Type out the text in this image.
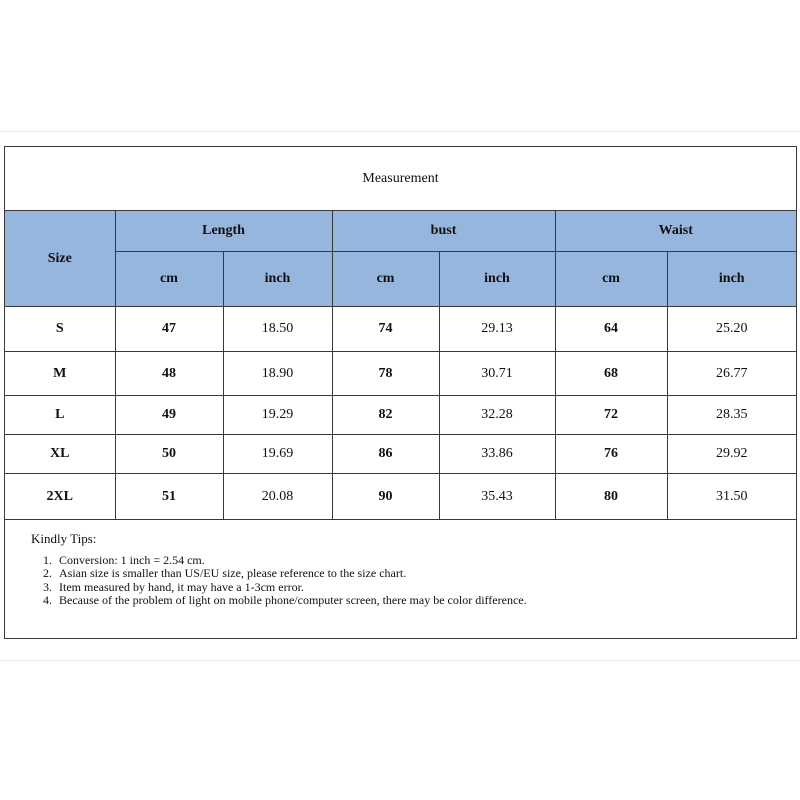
Measurement
Size	Length		bust		Waist	
	cm	inch	cm	inch	cm	inch
S	47	18.50	74	29.13	64	25.20
M	48	18.90	78	30.71	68	26.77
L	49	19.29	82	32.28	72	28.35
XL	50	19.69	86	33.86	76	29.92
2XL	51	20.08	90	35.43	80	31.50
Kindly Tips:
1. Conversion: 1 inch = 2.54 cm.
2. Asian size is smaller than US/EU size, please reference to the size chart.
3. Item measured by hand, it may have a 1-3cm error.
4. Because of the problem of light on mobile phone/computer screen, there may be color difference.
